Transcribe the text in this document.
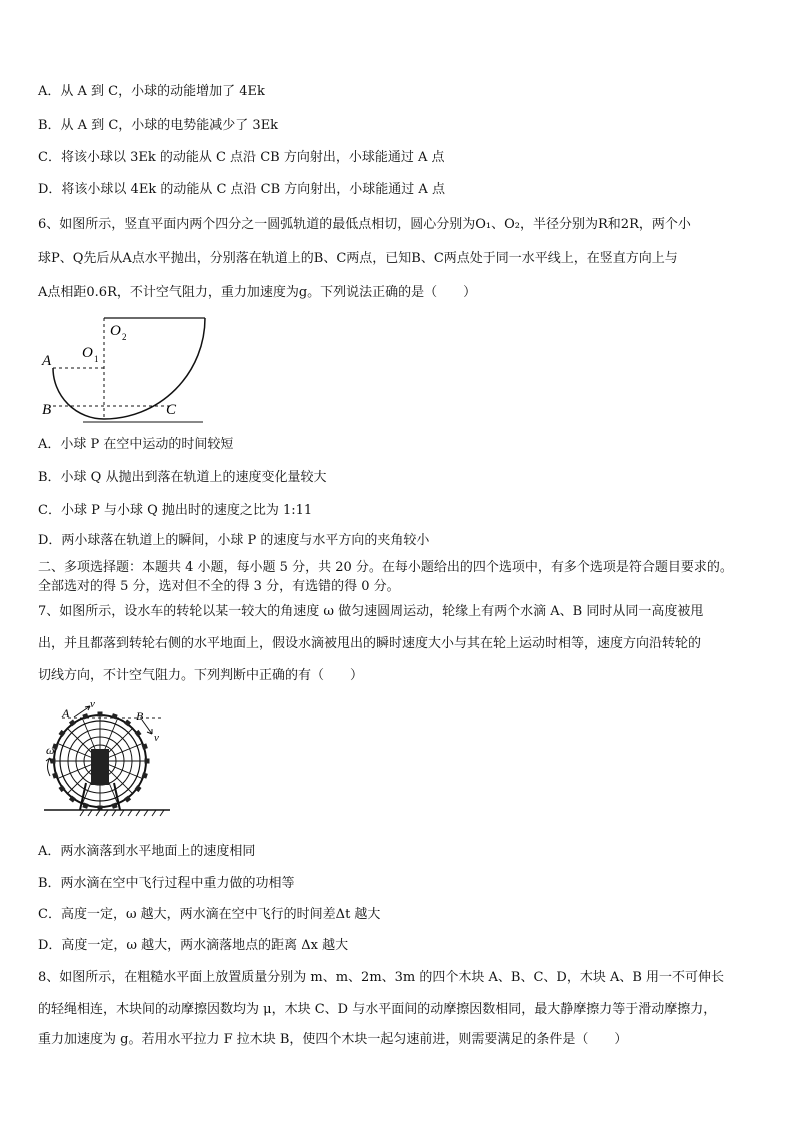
A．从 A 到 C，小球的动能增加了 4Ek
B．从 A 到 C，小球的电势能减少了 3Ek
C．将该小球以 3Ek 的动能从 C 点沿 CB 方向射出，小球能通过 A 点
D．将该小球以 4Ek 的动能从 C 点沿 CB 方向射出，小球能通过 A 点
6、如图所示，竖直平面内两个四分之一圆弧轨道的最低点相切，圆心分别为O₁、O₂，半径分别为R和2R，两个小
球P、Q先后从A点水平抛出，分别落在轨道上的B、C两点，已知B、C两点处于同一水平线上，在竖直方向上与
A点相距0.6R，不计空气阻力，重力加速度为g。下列说法正确的是（　　）
A
B	C
O 1
O 2
A．小球 P 在空中运动的时间较短
B．小球 Q 从抛出到落在轨道上的速度变化量较大
C．小球 P 与小球 Q 抛出时的速度之比为 1:11
D．两小球落在轨道上的瞬间，小球 P 的速度与水平方向的夹角较小
二、多项选择题：本题共 4 小题，每小题 5 分，共 20 分。在每小题给出的四个选项中，有多个选项是符合题目要求的。
全部选对的得 5 分，选对但不全的得 3 分，有选错的得 0 分。
7、如图所示，设水车的转轮以某一较大的角速度 ω 做匀速圆周运动，轮缘上有两个水滴 A、B 同时从同一高度被甩
出，并且都落到转轮右侧的水平地面上，假设水滴被甩出的瞬时速度大小与其在轮上运动时相等，速度方向沿转轮的
切线方向，不计空气阻力。下列判断中正确的有（　　）
A	B
v
v
ω
A．两水滴落到水平地面上的速度相同
B．两水滴在空中飞行过程中重力做的功相等
C．高度一定，ω 越大，两水滴在空中飞行的时间差Δt 越大
D．高度一定，ω 越大，两水滴落地点的距离 Δx 越大
8、如图所示，在粗糙水平面上放置质量分别为 m、m、2m、3m 的四个木块 A、B、C、D，木块 A、B 用一不可伸长
的轻绳相连，木块间的动摩擦因数均为 μ，木块 C、D 与水平面间的动摩擦因数相同，最大静摩擦力等于滑动摩擦力，
重力加速度为 g。若用水平拉力 F 拉木块 B，使四个木块一起匀速前进，则需要满足的条件是（　　）
